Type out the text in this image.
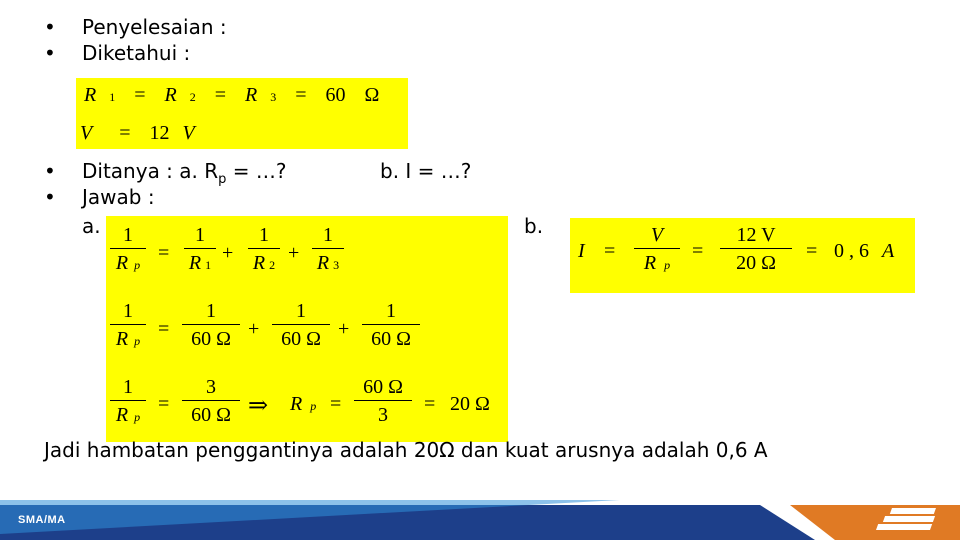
• Penyelesaian :
• Diketahui :
R 1 = R 2 = R 3 = 60 Ω
V = 12 V
• Ditanya : a. $R_p$ = …?	b. I = …?
• Jawab :
a.	b.
1
Rp
=
1
R 1
+
1
R 2
+
1
R 3
1
Rp
=
1
60 Ω +
1
60 Ω +
1
60 Ω
1
Rp
=
3
60 Ω ⇒ Rp =
60 Ω
3	= 20 Ω
I =
V
Rp
=
12 V
20 Ω
= 0 , 6 A
Jadi hambatan penggantinya adalah 20Ω dan kuat arusnya adalah 0,6 A
SMA/MA
